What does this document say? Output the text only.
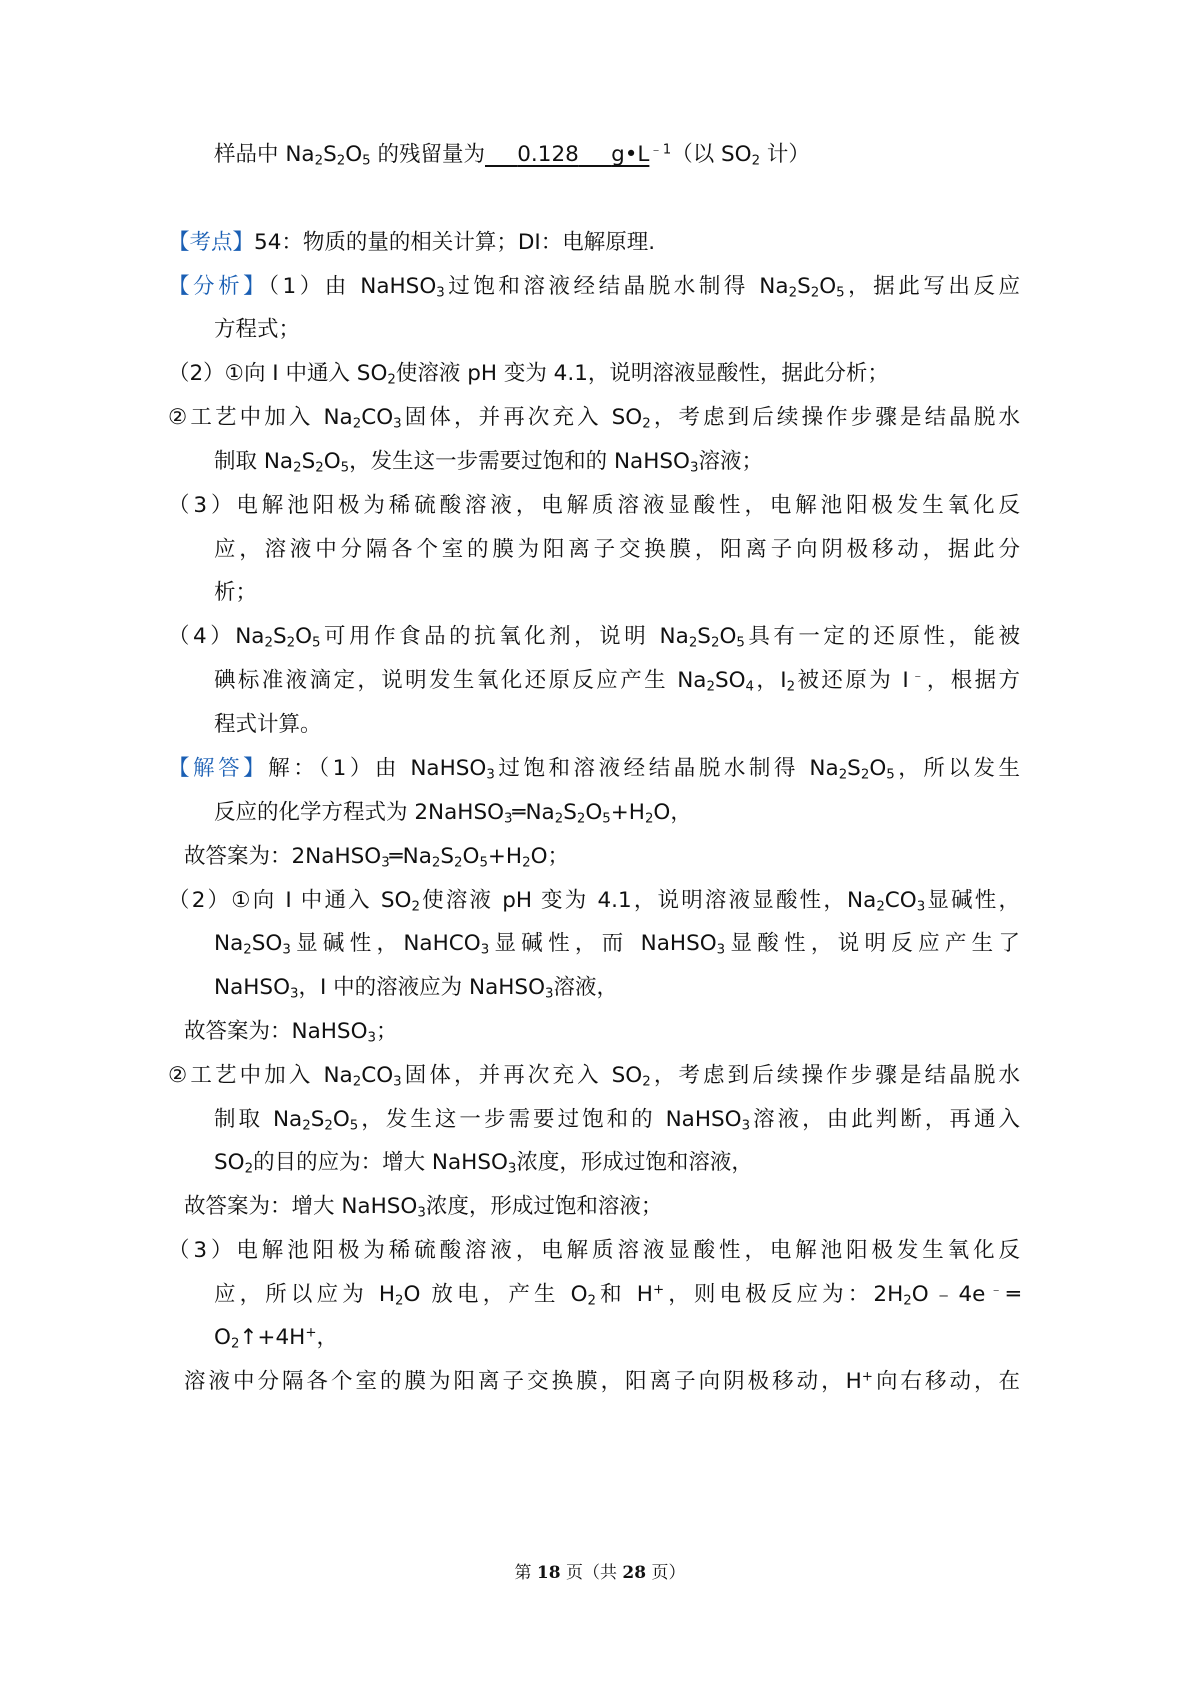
样品中 $Na_2S_2O_5$ 的残留量为   0.128   $g•L^{﹣1}$（以 $SO_2$ 计）
【考点】54：物质的量的相关计算；DI：电解原理.
【分析】（1）由 NaHSO$_3$过饱和溶液经结晶脱水制得 $Na_2S_2O_5$，据此写出反应
方程式；
（2）①向 I 中通入 $SO_2$使溶液 pH 变为 4.1，说明溶液显酸性，据此分析；
②工艺中加入 $Na_2CO_3$固体，并再次充入 $SO_2$，考虑到后续操作步骤是结晶脱水
制取 $Na_2S_2O_5$，发生这一步需要过饱和的 NaHSO$_3$溶液；
（3）电解池阳极为稀硫酸溶液，电解质溶液显酸性，电解池阳极发生氧化反
应，溶液中分隔各个室的膜为阳离子交换膜，阳离子向阴极移动，据此分
析；
$(4)Na_2S_2O_5$可用作食品的抗氧化剂，说明 $Na_2S_2O_5$具有一定的还原性，能被
碘标准液滴定，说明发生氧化还原反应产生 $Na_2SO_4$，$I_2$被还原为 I﹣，根据方
程式计算。
【解答】解：（1）由 NaHSO$_3$过饱和溶液经结晶脱水制得 $Na_2S_2O_5$，所以发生
反应的化学方程式为 $2NaHSO_3═Na_2S_2O_5+H_2O$，
故答案为：$2NaHSO_3═Na_2S_2O_5+H_2O$；
（2）①向 I 中通入 $SO_2$使溶液 pH 变为 4.1，说明溶液显酸性，$Na_2CO_3$显碱性，
$Na_2SO_3$显碱性，NaHCO$_3$显碱性，而 NaHSO$_3$显酸性，说明反应产生了
NaHSO$_3$，I 中的溶液应为 NaHSO$_3$溶液，
故答案为：NaHSO$_3$；
②工艺中加入 $Na_2CO_3$固体，并再次充入 $SO_2$，考虑到后续操作步骤是结晶脱水
制取 $Na_2S_2O_5$，发生这一步需要过饱和的 NaHSO$_3$溶液，由此判断，再通入
$SO_2$的目的应为：增大 NaHSO$_3$浓度，形成过饱和溶液，
故答案为：增大 NaHSO$_3$浓度，形成过饱和溶液；
（3）电解池阳极为稀硫酸溶液，电解质溶液显酸性，电解池阳极发生氧化反
应，所以应为 $H_2O$ 放电，产生 $O_2$和 H+，则电极反应为：$2H_2O﹣4e^﹣═$
$O_2↑+4H^+$，
溶液中分隔各个室的膜为阳离子交换膜，阳离子向阴极移动，H+向右移动，在
第 18 页（共 28 页）
